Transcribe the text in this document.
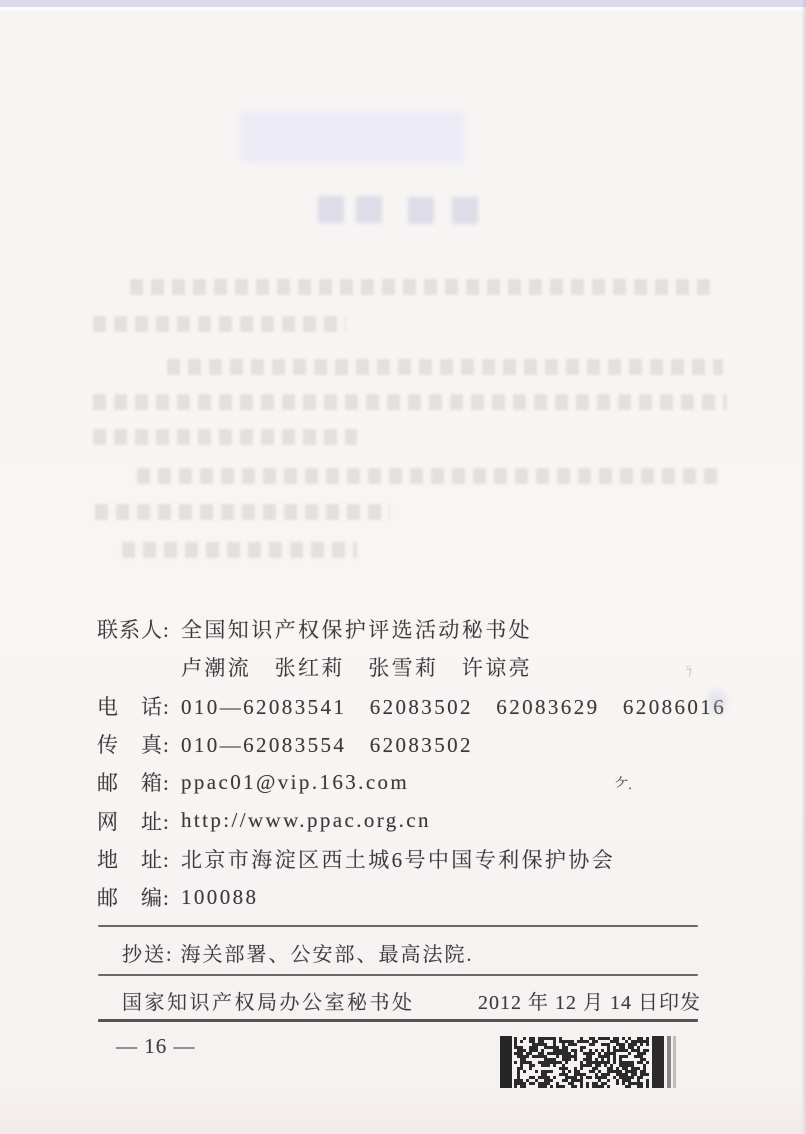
联系人: 全国知识产权保护评选活动秘书处
卢潮流　张红莉　张雪莉　许谅亮
电　话: 010—62083541　62083502　62083629　62086016
传　真: 010—62083554　62083502
邮　箱: ppac01@vip.163.com
网　址: http://www.ppac.org.cn
地　址: 北京市海淀区西土城6号中国专利保护协会
邮　编: 100088
抄送: 海关部署、公安部、最高法院.
国家知识产权局办公室秘书处	2012 年 12 月 14 日印发
— 16 —
⁊̈
ケ.
